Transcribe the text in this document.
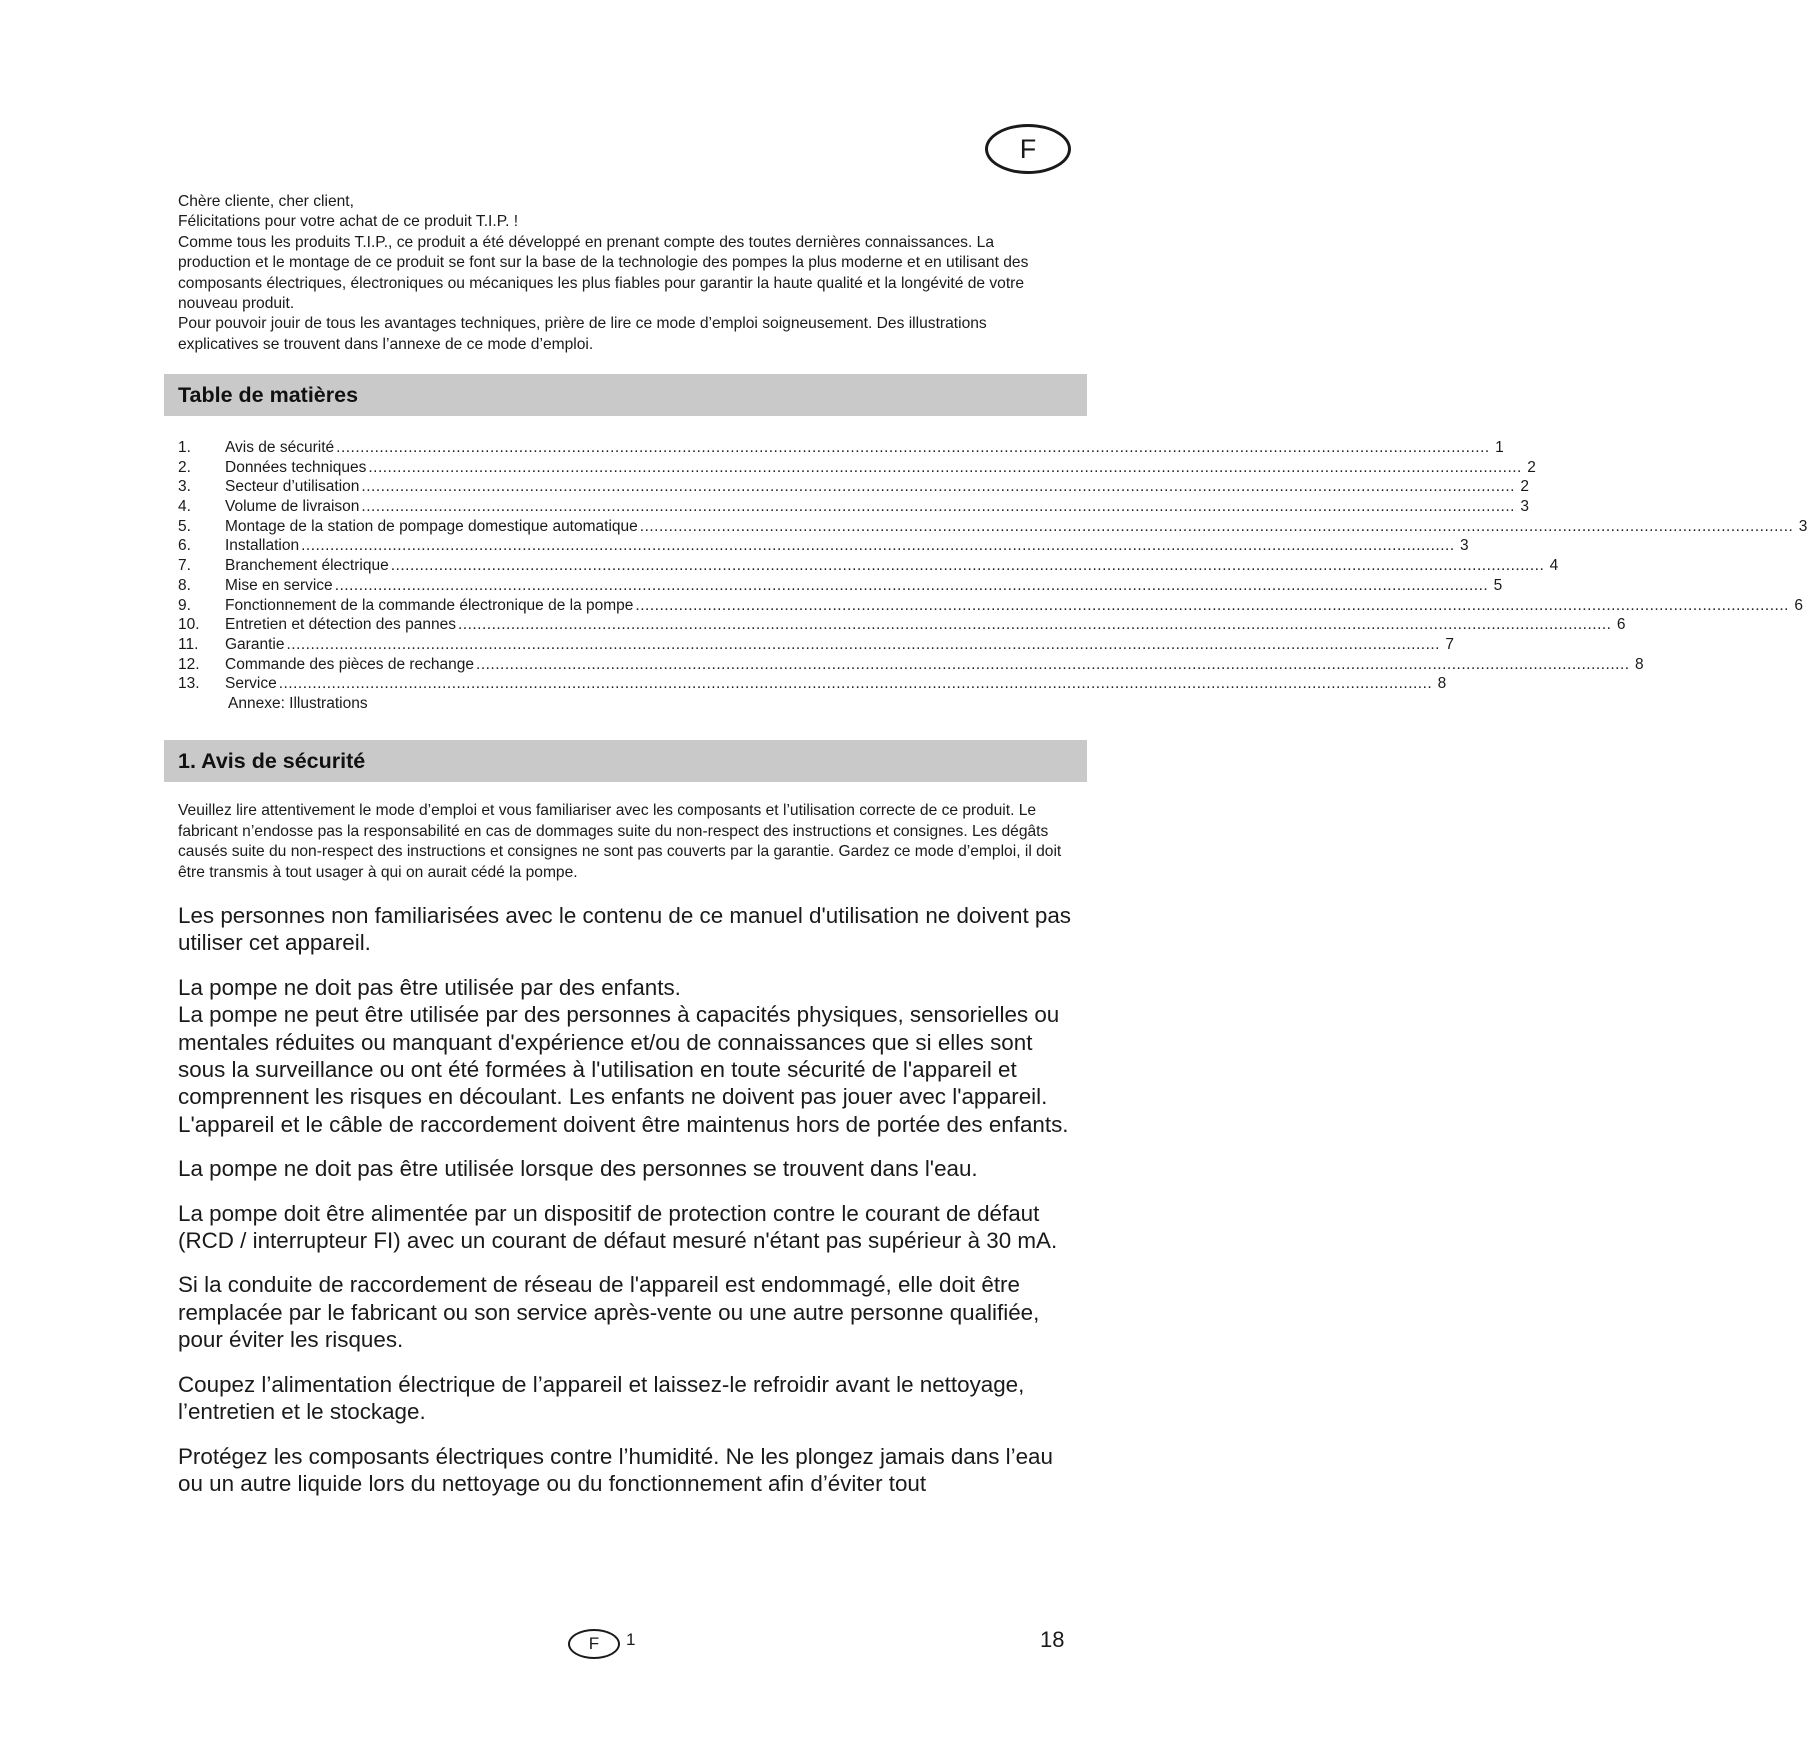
F

Chère cliente, cher client,

Félicitations pour votre achat de ce produit T.I.P. !

Comme tous les produits T.I.P., ce produit a été développé en prenant compte des toutes dernières connaissances. La production et le montage de ce produit se font sur la base de la technologie des pompes la plus moderne et en utilisant des composants électriques, électroniques ou mécaniques les plus fiables pour garantir la haute qualité et la longévité de votre nouveau produit.

Pour pouvoir jouir de tous les avantages techniques, prière de lire ce mode d’emploi soigneusement. Des illustrations explicatives se trouvent dans l’annexe de ce mode d’emploi.

Table de matières
1.	Avis de sécurité ................................................................................................................................................................................................................................................ 1
2.	Données techniques ................................................................................................................................................................................................................................................ 2
3.	Secteur d’utilisation ................................................................................................................................................................................................................................................ 2
4.	Volume de livraison ................................................................................................................................................................................................................................................ 3
5.	Montage de la station de pompage domestique automatique ................................................................................................................................................................................................................................................ 3
6.	Installation ................................................................................................................................................................................................................................................ 3
7.	Branchement électrique ................................................................................................................................................................................................................................................ 4
8.	Mise en service ................................................................................................................................................................................................................................................ 5
9.	Fonctionnement de la commande électronique de la pompe ................................................................................................................................................................................................................................................ 6
10.	Entretien et détection des pannes ................................................................................................................................................................................................................................................ 6
11.	Garantie ................................................................................................................................................................................................................................................ 7
12.	Commande des pièces de rechange ................................................................................................................................................................................................................................................ 8
13.	Service ................................................................................................................................................................................................................................................ 8
Annexe: Illustrations
1. Avis de sécurité

Veuillez lire attentivement le mode d’emploi et vous familiariser avec les composants et l’utilisation correcte de ce produit. Le fabricant n’endosse pas la responsabilité en cas de dommages suite du non-respect des instructions et consignes. Les dégâts causés suite du non-respect des instructions et consignes ne sont pas couverts par la garantie. Gardez ce mode d’emploi, il doit être transmis à tout usager à qui on aurait cédé la pompe.

Les personnes non familiarisées avec le contenu de ce manuel d'utilisation ne doivent pas utiliser cet appareil.

La pompe ne doit pas être utilisée par des enfants.
La pompe ne peut être utilisée par des personnes à capacités physiques, sensorielles ou mentales réduites ou manquant d'expérience et/ou de connaissances que si elles sont sous la surveillance ou ont été formées à l'utilisation en toute sécurité de l'appareil et comprennent les risques en découlant. Les enfants ne doivent pas jouer avec l'appareil. L'appareil et le câble de raccordement doivent être maintenus hors de portée des enfants.

La pompe ne doit pas être utilisée lorsque des personnes se trouvent dans l'eau.

La pompe doit être alimentée par un dispositif de protection contre le courant de défaut (RCD / interrupteur FI) avec un courant de défaut mesuré n'étant pas supérieur à 30 mA.

Si la conduite de raccordement de réseau de l'appareil est endommagé, elle doit être remplacée par le fabricant ou son service après-vente ou une autre personne qualifiée, pour éviter les risques.

Coupez l’alimentation électrique de l’appareil et laissez-le refroidir avant le nettoyage, l’entretien et le stockage.

Protégez les composants électriques contre l’humidité. Ne les plongez jamais dans l’eau ou un autre liquide lors du nettoyage ou du fonctionnement afin d’éviter tout

F	1	18
